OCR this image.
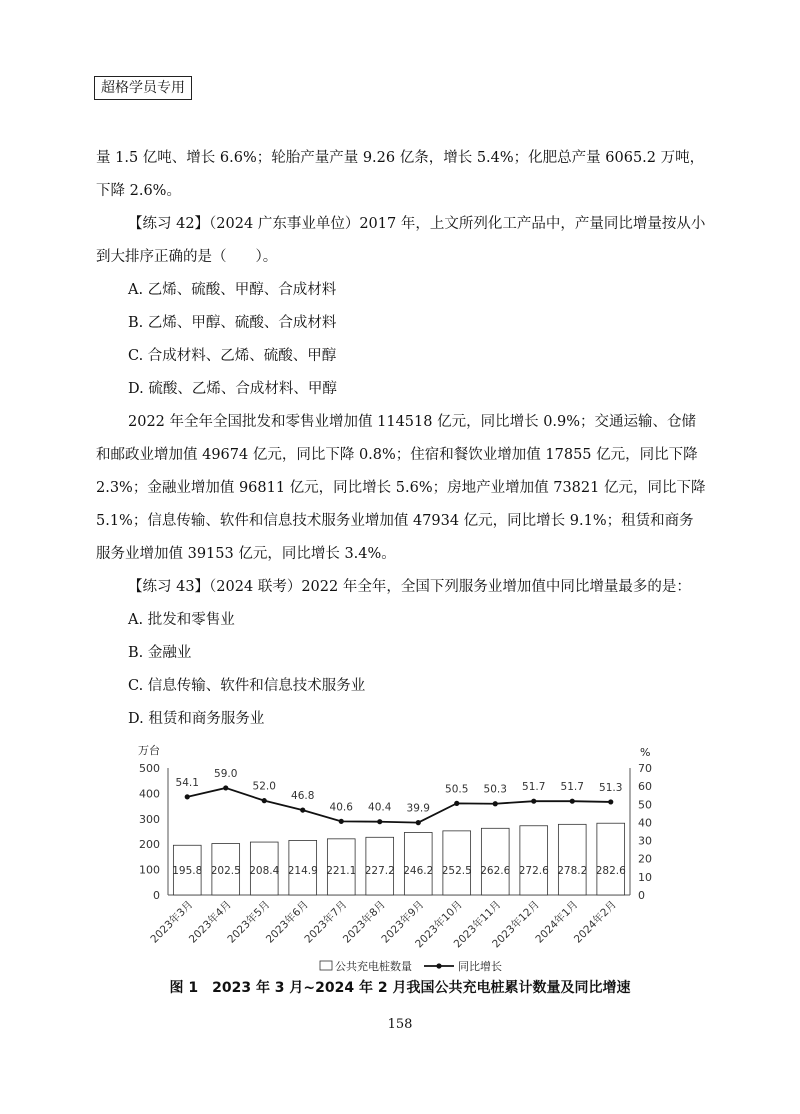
超格学员专用

量 1.5 亿吨、增长 6.6%；轮胎产量产量 9.26 亿条，增长 5.4%；化肥总产量 6065.2 万吨，下降 2.6%。

【练习 42】（2024 广东事业单位）2017 年，上文所列化工产品中，产量同比增量按从小到大排序正确的是（　　）。

A. 乙烯、硫酸、甲醇、合成材料

B. 乙烯、甲醇、硫酸、合成材料

C. 合成材料、乙烯、硫酸、甲醇

D. 硫酸、乙烯、合成材料、甲醇

2022 年全年全国批发和零售业增加值 114518 亿元，同比增长 0.9%；交通运输、仓储和邮政业增加值 49674 亿元，同比下降 0.8%；住宿和餐饮业增加值 17855 亿元，同比下降 2.3%；金融业增加值 96811 亿元，同比增长 5.6%；房地产业增加值 73821 亿元，同比下降 5.1%；信息传输、软件和信息技术服务业增加值 47934 亿元，同比增长 9.1%；租赁和商务服务业增加值 39153 亿元，同比增长 3.4%。

【练习 43】（2024 联考）2022 年全年，全国下列服务业增加值中同比增量最多的是：

A. 批发和零售业

B. 金融业

C. 信息传输、软件和信息技术服务业

D. 租赁和商务服务业

万台	%
0
100
200
300
400
500
0
10
20
30
40
50
60
70
195.8 202.5 208.4 214.9 221.1 227.2 246.2 252.5 262.6 272.6 278.2 282.6
54.1
59.0
52.0
46.8
40.6 40.4 39.9
50.5 50.3 51.7 51.7 51.3
2023年3月
2023年4月
2023年5月
2023年6月
2023年7月
2023年8月
2023年9月
2023年10月
2023年11月
2023年12月
2024年1月
2024年2月
公共充电桩数量	同比增长
图 1　2023 年 3 月~2024 年 2 月我国公共充电桩累计数量及同比增速
158
